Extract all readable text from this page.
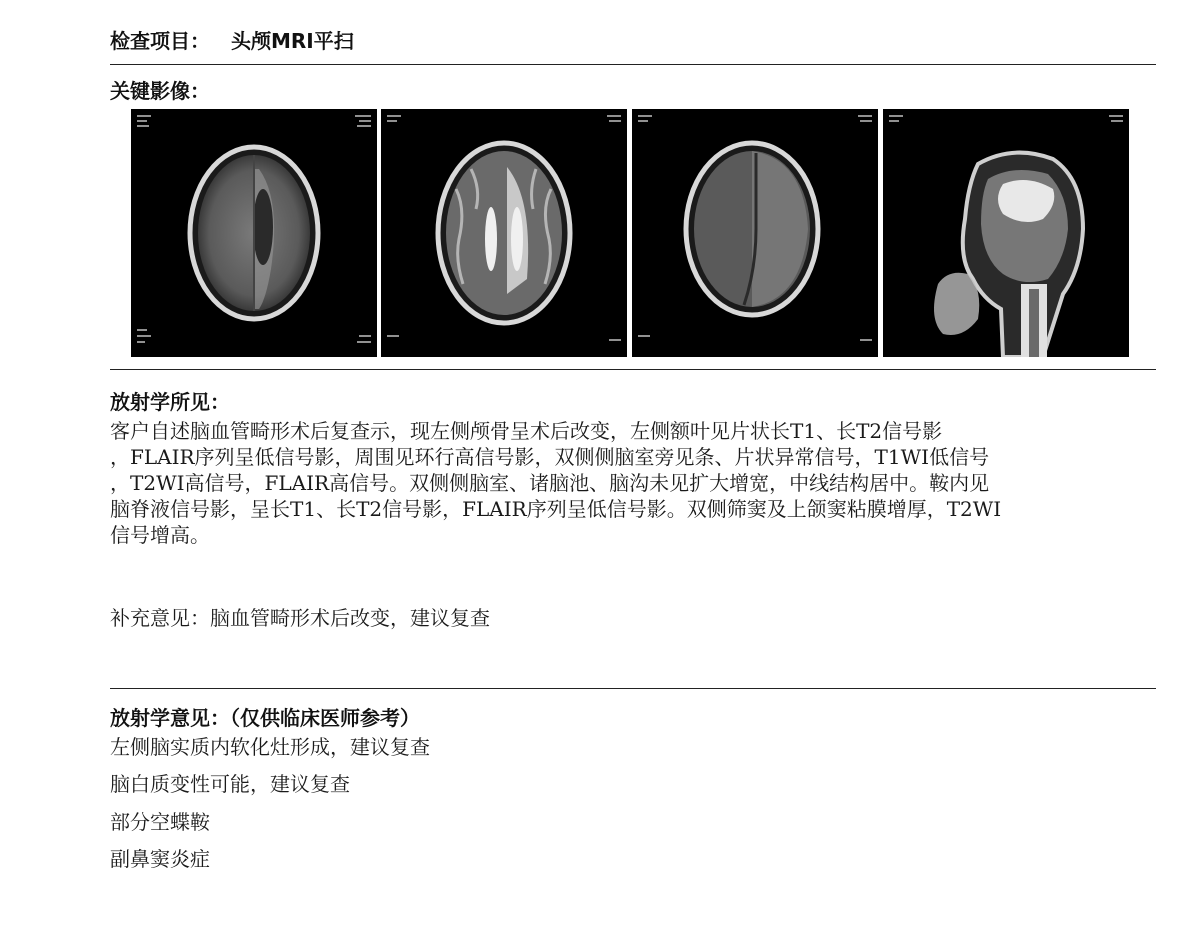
检查项目： 头颅MRI平扫
关键影像：
放射学所见：
客户自述脑血管畸形术后复查示，现左侧颅骨呈术后改变，左侧额叶见片状长T1、长T2信号影
，FLAIR序列呈低信号影，周围见环行高信号影，双侧侧脑室旁见条、片状异常信号，T1WI低信号
，T2WI高信号，FLAIR高信号。双侧侧脑室、诸脑池、脑沟未见扩大增宽，中线结构居中。鞍内见
脑脊液信号影，呈长T1、长T2信号影，FLAIR序列呈低信号影。双侧筛窦及上颌窦粘膜增厚，T2WI
信号增高。
补充意见：脑血管畸形术后改变，建议复查
放射学意见：（仅供临床医师参考）
左侧脑实质内软化灶形成，建议复查
脑白质变性可能，建议复查
部分空蝶鞍
副鼻窦炎症
